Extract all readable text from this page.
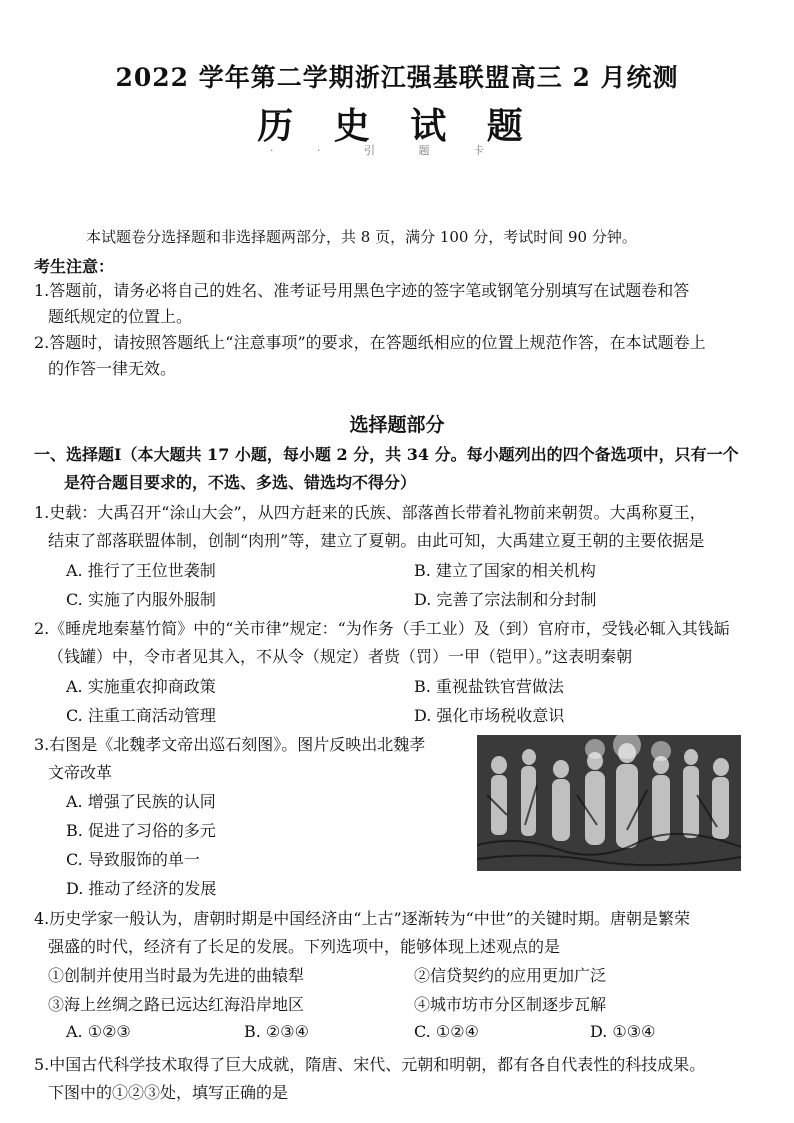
2022 学年第二学期浙江强基联盟高三 2 月统测
历 史 试 题
· · 引 题 卡
本试题卷分选择题和非选择题两部分，共 8 页，满分 100 分，考试时间 90 分钟。
考生注意：
1.答题前，请务必将自己的姓名、准考证号用黑色字迹的签字笔或钢笔分别填写在试题卷和答
题纸规定的位置上。
2.答题时，请按照答题纸上“注意事项”的要求，在答题纸相应的位置上规范作答，在本试题卷上
的作答一律无效。
选择题部分
一、选择题Ⅰ（本大题共 17 小题，每小题 2 分，共 34 分。每小题列出的四个备选项中，只有一个
是符合题目要求的，不选、多选、错选均不得分）
1.史载：大禹召开“涂山大会”，从四方赶来的氏族、部落酋长带着礼物前来朝贺。大禹称夏王，
结束了部落联盟体制，创制“肉刑”等，建立了夏朝。由此可知，大禹建立夏王朝的主要依据是
A. 推行了王位世袭制	B. 建立了国家的相关机构
C. 实施了内服外服制	D. 完善了宗法制和分封制
2.《睡虎地秦墓竹简》中的“关市律”规定：“为作务（手工业）及（到）官府市，受钱必辄入其钱缿
（钱罐）中，令市者见其入，不从令（规定）者赀（罚）一甲（铠甲）。”这表明秦朝
A. 实施重农抑商政策	B. 重视盐铁官营做法
C. 注重工商活动管理	D. 强化市场税收意识
3.右图是《北魏孝文帝出巡石刻图》。图片反映出北魏孝
文帝改革
A. 增强了民族的认同
B. 促进了习俗的多元
C. 导致服饰的单一
D. 推动了经济的发展
4.历史学家一般认为，唐朝时期是中国经济由“上古”逐渐转为“中世”的关键时期。唐朝是繁荣
强盛的时代，经济有了长足的发展。下列选项中，能够体现上述观点的是
①创制并使用当时最为先进的曲辕犁	②信贷契约的应用更加广泛
③海上丝绸之路已远达红海沿岸地区	④城市坊市分区制逐步瓦解
A. ①②③	B. ②③④	C. ①②④	D. ①③④
5.中国古代科学技术取得了巨大成就，隋唐、宋代、元朝和明朝，都有各自代表性的科技成果。
下图中的①②③处，填写正确的是
